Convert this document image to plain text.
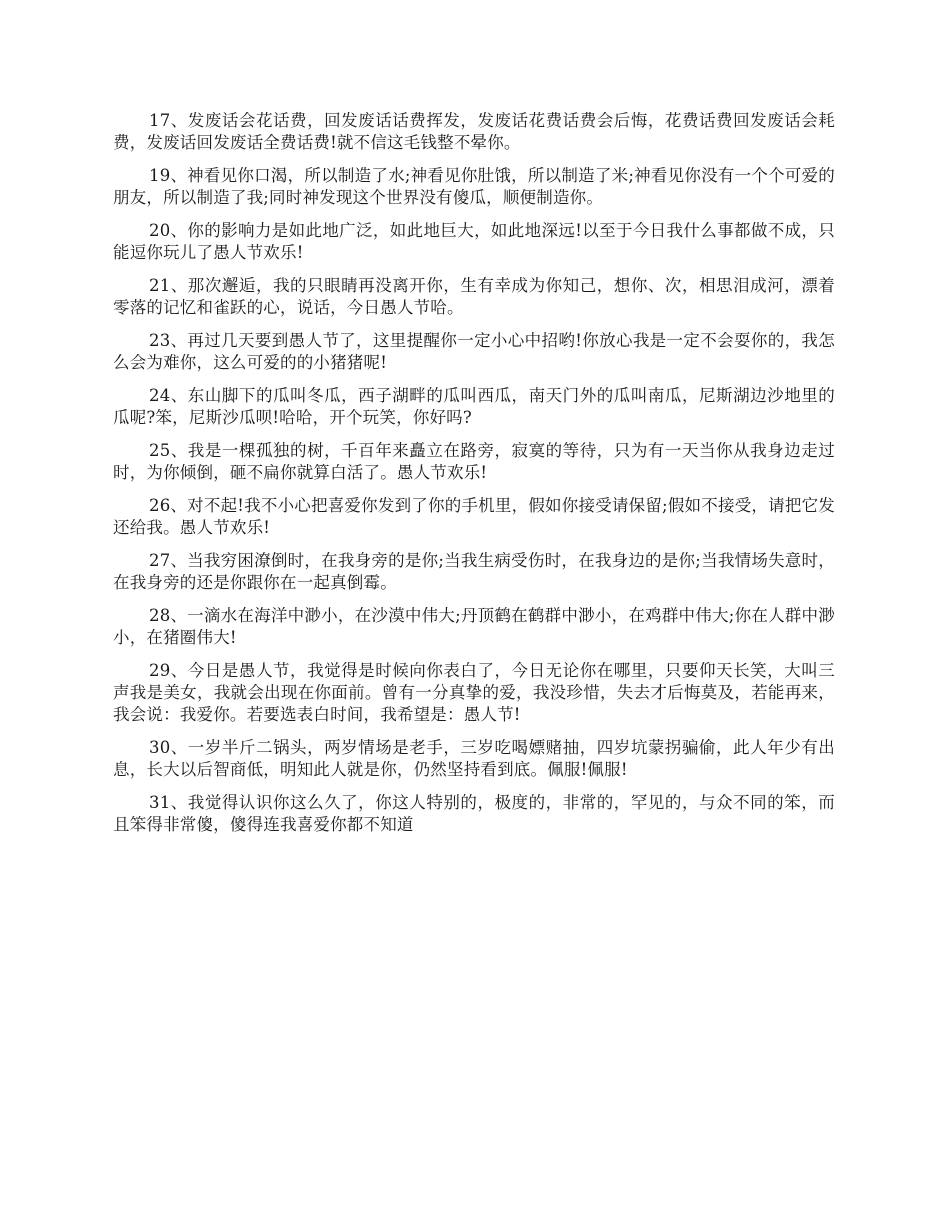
17、发废话会花话费，回发废话话费挥发，发废话花费话费会后悔，花费话费回发废话会耗费，发废话回发废话全费话费!就不信这毛钱整不晕你。

19、神看见你口渴，所以制造了水;神看见你肚饿，所以制造了米;神看见你没有一个个可爱的朋友，所以制造了我;同时神发现这个世界没有傻瓜，顺便制造你。

20、你的影响力是如此地广泛，如此地巨大，如此地深远!以至于今日我什么事都做不成，只能逗你玩儿了愚人节欢乐!

21、那次邂逅，我的只眼睛再没离开你，生有幸成为你知己，想你、次，相思泪成河，漂着零落的记忆和雀跃的心，说话，今日愚人节哈。

23、再过几天要到愚人节了，这里提醒你一定小心中招哟!你放心我是一定不会耍你的，我怎么会为难你，这么可爱的的小猪猪呢!

24、东山脚下的瓜叫冬瓜，西子湖畔的瓜叫西瓜，南天门外的瓜叫南瓜，尼斯湖边沙地里的瓜呢?笨，尼斯沙瓜呗!哈哈，开个玩笑，你好吗?

25、我是一棵孤独的树，千百年来矗立在路旁，寂寞的等待，只为有一天当你从我身边走过时，为你倾倒，砸不扁你就算白活了。愚人节欢乐!

26、对不起!我不小心把喜爱你发到了你的手机里，假如你接受请保留;假如不接受，请把它发还给我。愚人节欢乐!

27、当我穷困潦倒时，在我身旁的是你;当我生病受伤时，在我身边的是你;当我情场失意时，在我身旁的还是你跟你在一起真倒霉。

28、一滴水在海洋中渺小，在沙漠中伟大;丹顶鹤在鹤群中渺小，在鸡群中伟大;你在人群中渺小，在猪圈伟大!

29、今日是愚人节，我觉得是时候向你表白了，今日无论你在哪里，只要仰天长笑，大叫三声我是美女，我就会出现在你面前。曾有一分真挚的爱，我没珍惜，失去才后悔莫及，若能再来，我会说：我爱你。若要选表白时间，我希望是：愚人节!

30、一岁半斤二锅头，两岁情场是老手，三岁吃喝嫖赌抽，四岁坑蒙拐骗偷，此人年少有出息，长大以后智商低，明知此人就是你，仍然坚持看到底。佩服!佩服!

31、我觉得认识你这么久了，你这人特别的，极度的，非常的，罕见的，与众不同的笨，而且笨得非常傻，傻得连我喜爱你都不知道
